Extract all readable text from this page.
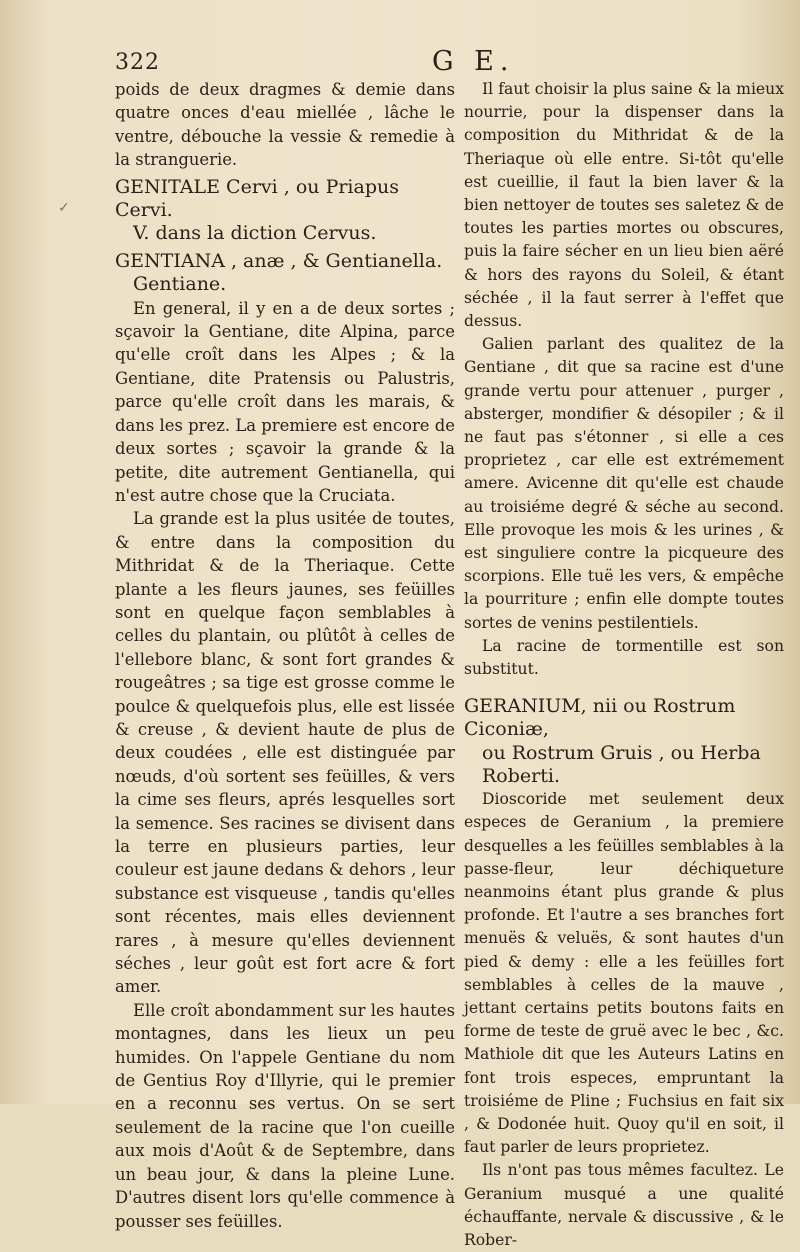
322	G E.

poids de deux dragmes & demie dans quatre onces d'eau miellée , lâche le ventre, débouche la vessie & remedie à la stranguerie.

GENITALE Cervi , ou Priapus Cervi.
V. dans la diction Cervus.
GENTIANA , anæ , & Gentianella.
Gentiane.

En general, il y en a de deux sortes ; sçavoir la Gentiane, dite Alpina, parce qu'elle croît dans les Alpes ; & la Gentiane, dite Pratensis ou Palustris, parce qu'elle croît dans les marais, & dans les prez. La premiere est encore de deux sortes ; sçavoir la grande & la petite, dite autrement Gentianella, qui n'est autre chose que la Cruciata.

La grande est la plus usitée de toutes, & entre dans la composition du Mithridat & de la Theriaque. Cette plante a les fleurs jaunes, ses feüilles sont en quelque façon semblables à celles du plantain, ou plûtôt à celles de l'ellebore blanc, & sont fort grandes & rougeâtres ; sa tige est grosse comme le poulce & quelquefois plus, elle est lissée & creuse , & devient haute de plus de deux coudées , elle est distinguée par nœuds, d'où sortent ses feüilles, & vers la cime ses fleurs, aprés lesquelles sort la semence. Ses racines se divisent dans la terre en plusieurs parties, leur couleur est jaune dedans & dehors , leur substance est visqueuse , tandis qu'elles sont récentes, mais elles deviennent rares , à mesure qu'elles deviennent séches , leur goût est fort acre & fort amer.

Elle croît abondamment sur les hautes montagnes, dans les lieux un peu humides. On l'appele Gentiane du nom de Gentius Roy d'Illyrie, qui le premier en a reconnu ses vertus. On se sert seulement de la racine que l'on cueille aux mois d'Août & de Septembre, dans un beau jour, & dans la pleine Lune. D'autres disent lors qu'elle commence à pousser ses feüilles.

Il faut choisir la plus saine & la mieux nourrie, pour la dispenser dans la composition du Mithridat & de la Theriaque où elle entre. Si-tôt qu'elle est cueillie, il faut la bien laver & la bien nettoyer de toutes ses saletez & de toutes les parties mortes ou obscures, puis la faire sécher en un lieu bien aëré & hors des rayons du Soleil, & étant séchée , il la faut serrer à l'effet que dessus.

Galien parlant des qualitez de la Gentiane , dit que sa racine est d'une grande vertu pour attenuer , purger , absterger, mondifier & désopiler ; & il ne faut pas s'étonner , si elle a ces proprietez , car elle est extrémement amere. Avicenne dit qu'elle est chaude au troisiéme degré & séche au second. Elle provoque les mois & les urines , & est singuliere contre la picqueure des scorpions. Elle tuë les vers, & empêche la pourriture ; enfin elle dompte toutes sortes de venins pestilentiels.

La racine de tormentille est son substitut.

GERANIUM, nii ou Rostrum Ciconiæ,
ou Rostrum Gruis , ou Herba
Roberti.

Dioscoride met seulement deux especes de Geranium , la premiere desquelles a les feüilles semblables à la passe-fleur, leur déchiqueture neanmoins étant plus grande & plus profonde. Et l'autre a ses branches fort menuës & veluës, & sont hautes d'un pied & demy : elle a les feüilles fort semblables à celles de la mauve , jettant certains petits boutons faits en forme de teste de gruë avec le bec , &c. Mathiole dit que les Auteurs Latins en font trois especes, empruntant la troisiéme de Pline ; Fuchsius en fait six , & Dodonée huit. Quoy qu'il en soit, il faut parler de leurs proprietez.

Ils n'ont pas tous mêmes facultez. Le Geranium musqué a une qualité échauffante, nervale & discussive , & le Rober-

✓
